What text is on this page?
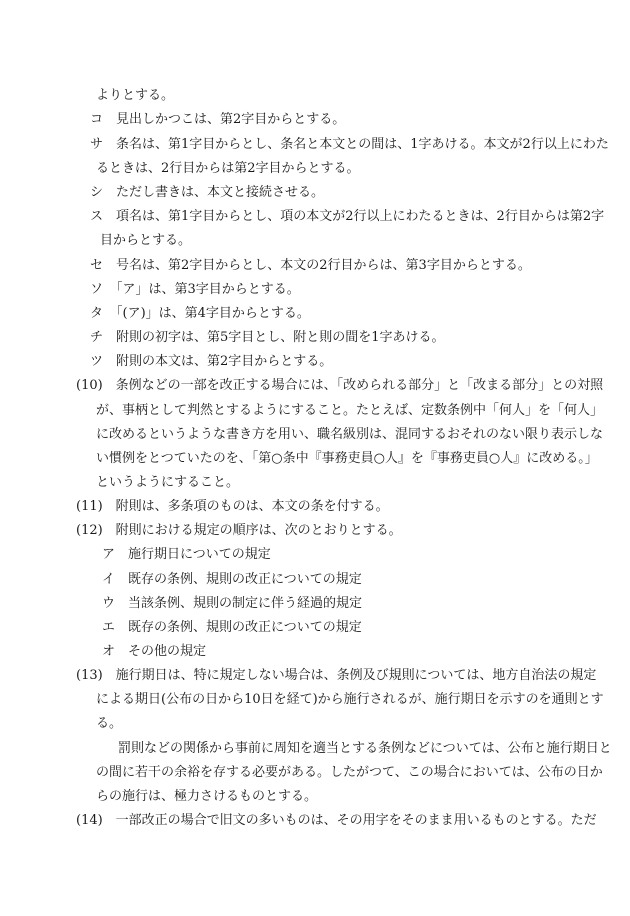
よりとする。
コ　見出しかつこは、第2字目からとする。
サ　条名は、第1字目からとし、条名と本文との間は、1字あける。本文が2行以上にわた
るときは、2行目からは第2字目からとする。
シ　ただし書きは、本文と接続させる。
ス　項名は、第1字目からとし、項の本文が2行以上にわたるときは、2行目からは第2字
目からとする。
セ　号名は、第2字目からとし、本文の2行目からは、第3字目からとする。
ソ　「ア」は、第3字目からとする。
タ　「(ア)」は、第4字目からとする。
チ　附則の初字は、第5字目とし、附と則の間を1字あける。
ツ　附則の本文は、第2字目からとする。
(10)　条例などの一部を改正する場合には、「改められる部分」と「改まる部分」との対照
が、事柄として判然とするようにすること。たとえば、定数条例中「何人」を「何人」
に改めるというような書き方を用い、職名級別は、混同するおそれのない限り表示しな
い慣例をとつていたのを、「第○条中『事務吏員○人』を『事務吏員○人』に改める。」
というようにすること。
(11)　附則は、多条項のものは、本文の条を付する。
(12)　附則における規定の順序は、次のとおりとする。
ア　施行期日についての規定
イ　既存の条例、規則の改正についての規定
ウ　当該条例、規則の制定に伴う経過的規定
エ　既存の条例、規則の改正についての規定
オ　その他の規定
(13)　施行期日は、特に規定しない場合は、条例及び規則については、地方自治法の規定
による期日(公布の日から10日を経て)から施行されるが、施行期日を示すのを通則とす
る。
罰則などの関係から事前に周知を適当とする条例などについては、公布と施行期日と
の間に若干の余裕を存する必要がある。したがつて、この場合においては、公布の日か
らの施行は、極力さけるものとする。
(14)　一部改正の場合で旧文の多いものは、その用字をそのまま用いるものとする。ただ
